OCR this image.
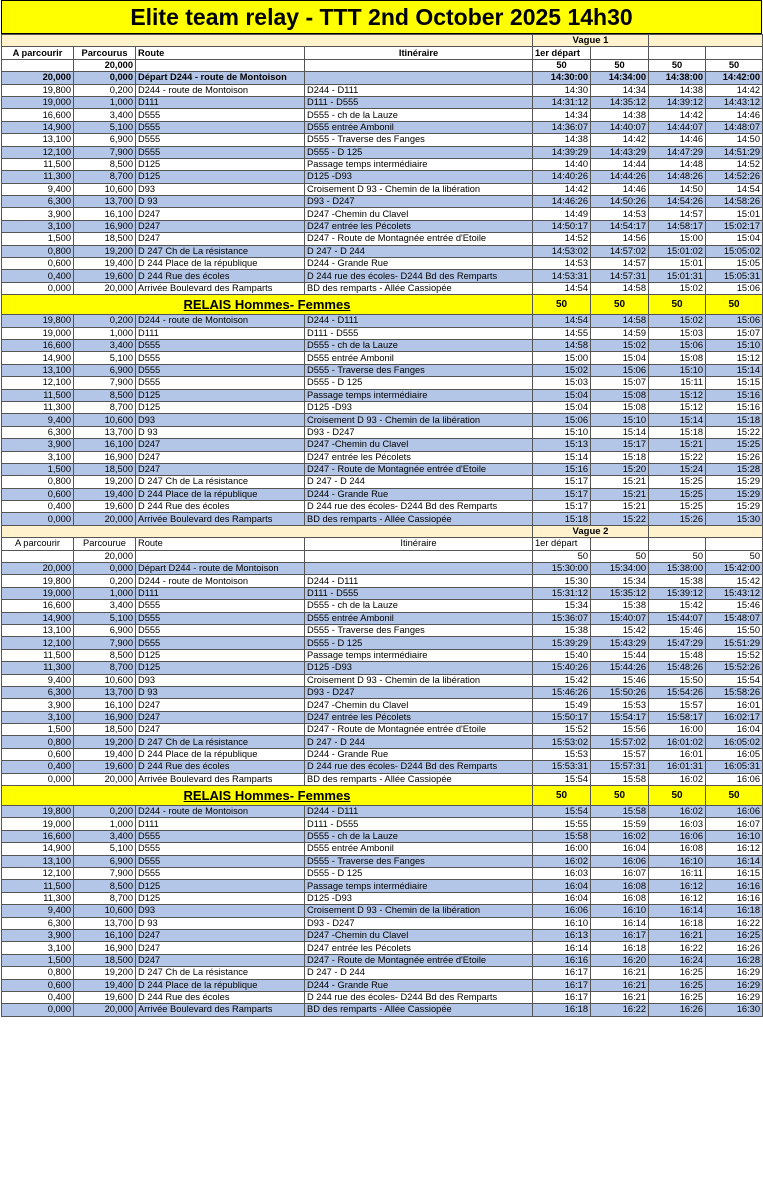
Elite team relay - TTT 2nd October 2025 14h30
				Vague 1			
A parcourir	Parcourus	Route	Itinéraire	1er départ			
	20,000			50	50	50	50
20,000	0,000	Départ D244 - route de Montoison		14:30:00	14:34:00	14:38:00	14:42:00
19,800	0,200	D244 - route de Montoison	D244 - D111	14:30	14:34	14:38	14:42
19,000	1,000	D111	D111 - D555	14:31:12	14:35:12	14:39:12	14:43:12
16,600	3,400	D555	D555 - ch de la Lauze	14:34	14:38	14:42	14:46
14,900	5,100	D555	D555 entrée Ambonil	14:36:07	14:40:07	14:44:07	14:48:07
13,100	6,900	D555	D555 - Traverse des Fanges	14:38	14:42	14:46	14:50
12,100	7,900	D555	D555 - D 125	14:39:29	14:43:29	14:47:29	14:51:29
11,500	8,500	D125	Passage temps intermédiaire	14:40	14:44	14:48	14:52
11,300	8,700	D125	D125 -D93	14:40:26	14:44:26	14:48:26	14:52:26
9,400	10,600	D93	Croisement D 93 - Chemin de la libération	14:42	14:46	14:50	14:54
6,300	13,700	D 93	D93 - D247	14:46:26	14:50:26	14:54:26	14:58:26
3,900	16,100	D247	D247 -Chemin du Clavel	14:49	14:53	14:57	15:01
3,100	16,900	D247	D247 entrée les Pécolets	14:50:17	14:54:17	14:58:17	15:02:17
1,500	18,500	D247	D247 - Route de Montagnée entrée d'Etoile	14:52	14:56	15:00	15:04
0,800	19,200	D 247 Ch de La résistance	D 247 - D 244	14:53:02	14:57:02	15:01:02	15:05:02
0,600	19,400	D 244 Place de la république	D244 - Grande Rue	14:53	14:57	15:01	15:05
0,400	19,600	D 244 Rue des écoles	D 244 rue des écoles- D244 Bd des Remparts	14:53:31	14:57:31	15:01:31	15:05:31
0,000	20,000	Arrivée Boulevard des Ramparts	BD des remparts - Allée Cassiopée	14:54	14:58	15:02	15:06
RELAIS Hommes- Femmes				50	50	50	50
19,800	0,200	D244 - route de Montoison	D244 - D111	14:54	14:58	15:02	15:06
19,000	1,000	D111	D111 - D555	14:55	14:59	15:03	15:07
16,600	3,400	D555	D555 - ch de la Lauze	14:58	15:02	15:06	15:10
14,900	5,100	D555	D555 entrée Ambonil	15:00	15:04	15:08	15:12
13,100	6,900	D555	D555 - Traverse des Fanges	15:02	15:06	15:10	15:14
12,100	7,900	D555	D555 - D 125	15:03	15:07	15:11	15:15
11,500	8,500	D125	Passage temps intermédiaire	15:04	15:08	15:12	15:16
11,300	8,700	D125	D125 -D93	15:04	15:08	15:12	15:16
9,400	10,600	D93	Croisement D 93 - Chemin de la libération	15:06	15:10	15:14	15:18
6,300	13,700	D 93	D93 - D247	15:10	15:14	15:18	15:22
3,900	16,100	D247	D247 -Chemin du Clavel	15:13	15:17	15:21	15:25
3,100	16,900	D247	D247 entrée les Pécolets	15:14	15:18	15:22	15:26
1,500	18,500	D247	D247 - Route de Montagnée entrée d'Etoile	15:16	15:20	15:24	15:28
0,800	19,200	D 247 Ch de La résistance	D 247 - D 244	15:17	15:21	15:25	15:29
0,600	19,400	D 244 Place de la république	D244 - Grande Rue	15:17	15:21	15:25	15:29
0,400	19,600	D 244 Rue des écoles	D 244 rue des écoles- D244 Bd des Remparts	15:17	15:21	15:25	15:29
0,000	20,000	Arrivée Boulevard des Ramparts	BD des remparts - Allée Cassiopée	15:18	15:22	15:26	15:30
				Vague 2			
A parcourir	Parcourue	Route	Itinéraire	1er départ			
	20,000			50	50	50	50
20,000	0,000	Départ D244 - route de Montoison		15:30:00	15:34:00	15:38:00	15:42:00
19,800	0,200	D244 - route de Montoison	D244 - D111	15:30	15:34	15:38	15:42
19,000	1,000	D111	D111 - D555	15:31:12	15:35:12	15:39:12	15:43:12
16,600	3,400	D555	D555 - ch de la Lauze	15:34	15:38	15:42	15:46
14,900	5,100	D555	D555 entrée Ambonil	15:36:07	15:40:07	15:44:07	15:48:07
13,100	6,900	D555	D555 - Traverse des Fanges	15:38	15:42	15:46	15:50
12,100	7,900	D555	D555 - D 125	15:39:29	15:43:29	15:47:29	15:51:29
11,500	8,500	D125	Passage temps intermédiaire	15:40	15:44	15:48	15:52
11,300	8,700	D125	D125 -D93	15:40:26	15:44:26	15:48:26	15:52:26
9,400	10,600	D93	Croisement D 93 - Chemin de la libération	15:42	15:46	15:50	15:54
6,300	13,700	D 93	D93 - D247	15:46:26	15:50:26	15:54:26	15:58:26
3,900	16,100	D247	D247 -Chemin du Clavel	15:49	15:53	15:57	16:01
3,100	16,900	D247	D247 entrée les Pécolets	15:50:17	15:54:17	15:58:17	16:02:17
1,500	18,500	D247	D247 - Route de Montagnée entrée d'Etoile	15:52	15:56	16:00	16:04
0,800	19,200	D 247 Ch de La résistance	D 247 - D 244	15:53:02	15:57:02	16:01:02	16:05:02
0,600	19,400	D 244 Place de la république	D244 - Grande Rue	15:53	15:57	16:01	16:05
0,400	19,600	D 244 Rue des écoles	D 244 rue des écoles- D244 Bd des Remparts	15:53:31	15:57:31	16:01:31	16:05:31
0,000	20,000	Arrivée Boulevard des Ramparts	BD des remparts - Allée Cassiopée	15:54	15:58	16:02	16:06
RELAIS Hommes- Femmes				50	50	50	50
19,800	0,200	D244 - route de Montoison	D244 - D111	15:54	15:58	16:02	16:06
19,000	1,000	D111	D111 - D555	15:55	15:59	16:03	16:07
16,600	3,400	D555	D555 - ch de la Lauze	15:58	16:02	16:06	16:10
14,900	5,100	D555	D555 entrée Ambonil	16:00	16:04	16:08	16:12
13,100	6,900	D555	D555 - Traverse des Fanges	16:02	16:06	16:10	16:14
12,100	7,900	D555	D555 - D 125	16:03	16:07	16:11	16:15
11,500	8,500	D125	Passage temps intermédiaire	16:04	16:08	16:12	16:16
11,300	8,700	D125	D125 -D93	16:04	16:08	16:12	16:16
9,400	10,600	D93	Croisement D 93 - Chemin de la libération	16:06	16:10	16:14	16:18
6,300	13,700	D 93	D93 - D247	16:10	16:14	16:18	16:22
3,900	16,100	D247	D247 -Chemin du Clavel	16:13	16:17	16:21	16:25
3,100	16,900	D247	D247 entrée les Pécolets	16:14	16:18	16:22	16:26
1,500	18,500	D247	D247 - Route de Montagnée entrée d'Etoile	16:16	16:20	16:24	16:28
0,800	19,200	D 247 Ch de La résistance	D 247 - D 244	16:17	16:21	16:25	16:29
0,600	19,400	D 244 Place de la république	D244 - Grande Rue	16:17	16:21	16:25	16:29
0,400	19,600	D 244 Rue des écoles	D 244 rue des écoles- D244 Bd des Remparts	16:17	16:21	16:25	16:29
0,000	20,000	Arrivée Boulevard des Ramparts	BD des remparts - Allée Cassiopée	16:18	16:22	16:26	16:30
